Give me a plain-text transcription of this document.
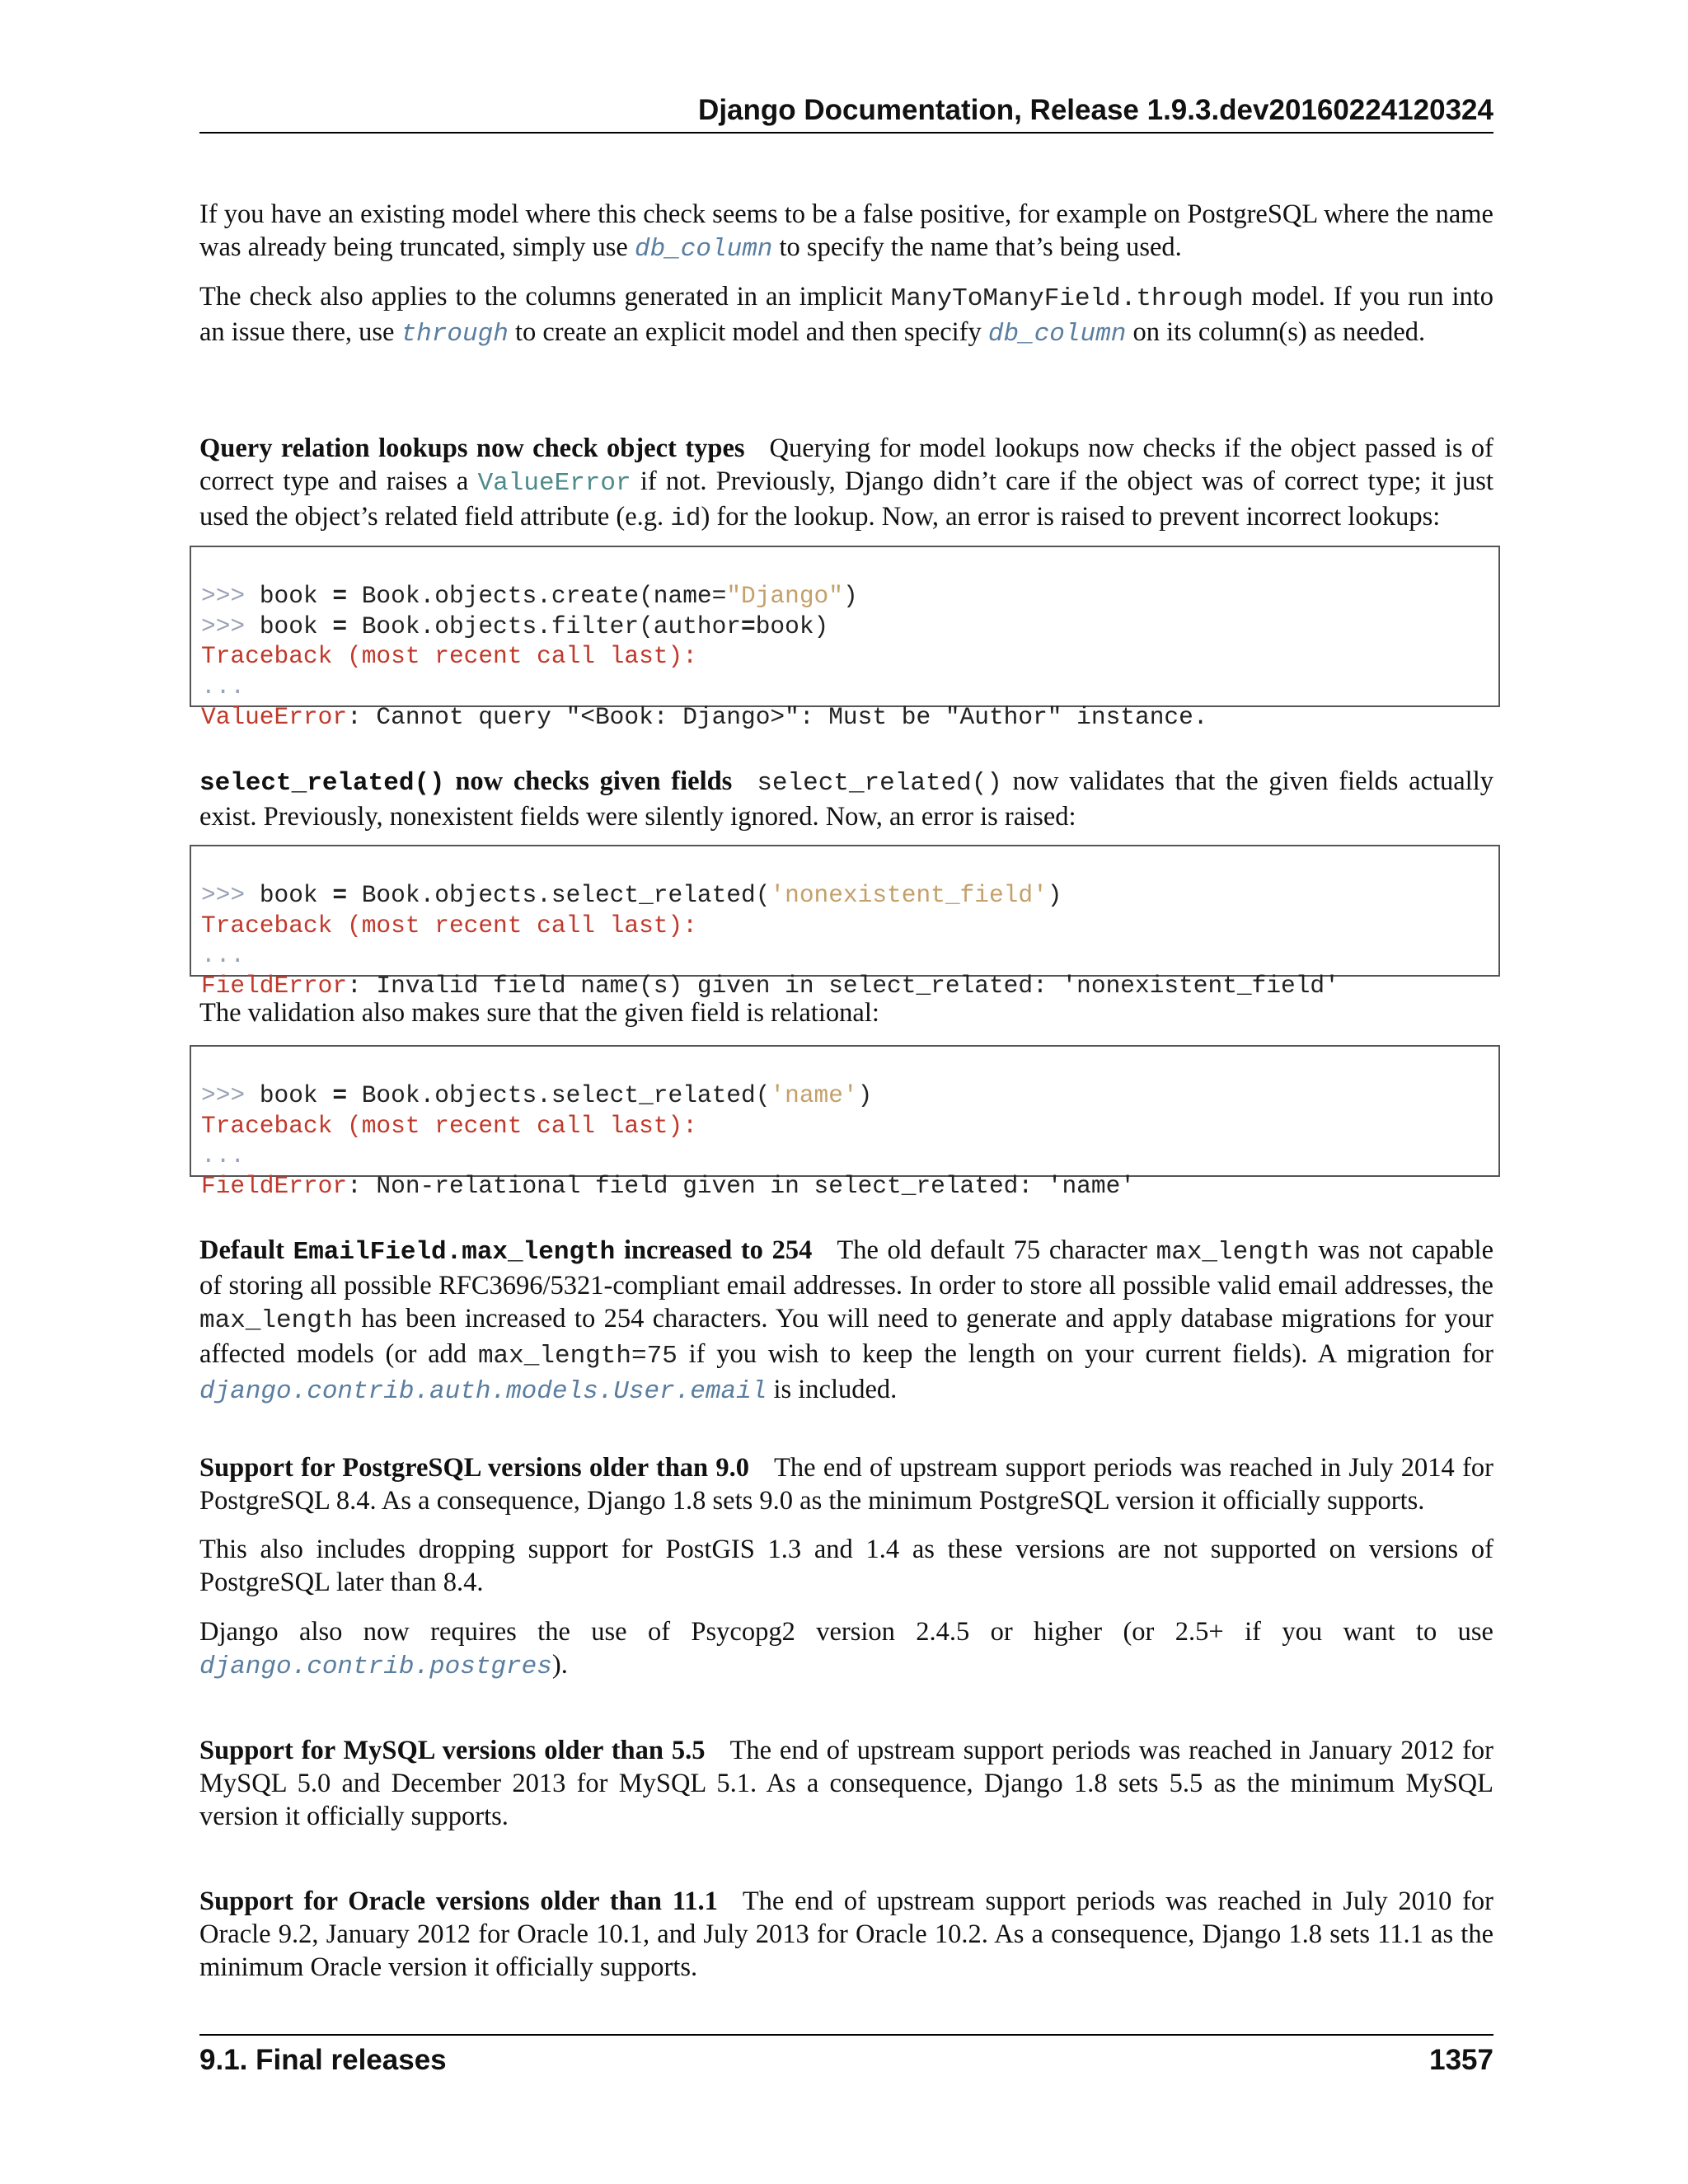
Django Documentation, Release 1.9.3.dev20160224120324

If you have an existing model where this check seems to be a false positive, for example on PostgreSQL where the name was already being truncated, simply use db_column to specify the name that’s being used.

The check also applies to the columns generated in an implicit ManyToManyField.through model. If you run into an issue there, use through to create an explicit model and then specify db_column on its column(s) as needed.

Query relation lookups now check object types Querying for model lookups now checks if the object passed is of correct type and raises a ValueError if not. Previously, Django didn’t care if the object was of correct type; it just used the object’s related field attribute (e.g. id) for the lookup. Now, an error is raised to prevent incorrect lookups:

>>> book = Book.objects.create(name="Django")
>>> book = Book.objects.filter(author=book)
Traceback (most recent call last):
...
ValueError: Cannot query "<Book: Django>": Must be "Author" instance.

select_related() now checks given fields select_related() now validates that the given fields actually exist. Previously, nonexistent fields were silently ignored. Now, an error is raised:

>>> book = Book.objects.select_related('nonexistent_field')
Traceback (most recent call last):
...
FieldError: Invalid field name(s) given in select_related: 'nonexistent_field'

The validation also makes sure that the given field is relational:

>>> book = Book.objects.select_related('name')
Traceback (most recent call last):
...
FieldError: Non-relational field given in select_related: 'name'

Default EmailField.max_length increased to 254 The old default 75 character max_length was not capable of storing all possible RFC3696/5321-compliant email addresses. In order to store all possible valid email addresses, the max_length has been increased to 254 characters. You will need to generate and apply database migrations for your affected models (or add max_length=75 if you wish to keep the length on your current fields). A migration for django.contrib.auth.models.User.email is included.

Support for PostgreSQL versions older than 9.0 The end of upstream support periods was reached in July 2014 for PostgreSQL 8.4. As a consequence, Django 1.8 sets 9.0 as the minimum PostgreSQL version it officially supports.

This also includes dropping support for PostGIS 1.3 and 1.4 as these versions are not supported on versions of PostgreSQL later than 8.4.

Django also now requires the use of Psycopg2 version 2.4.5 or higher (or 2.5+ if you want to use django.contrib.postgres).

Support for MySQL versions older than 5.5 The end of upstream support periods was reached in January 2012 for MySQL 5.0 and December 2013 for MySQL 5.1. As a consequence, Django 1.8 sets 5.5 as the minimum MySQL version it officially supports.

Support for Oracle versions older than 11.1 The end of upstream support periods was reached in July 2010 for Oracle 9.2, January 2012 for Oracle 10.1, and July 2013 for Oracle 10.2. As a consequence, Django 1.8 sets 11.1 as the minimum Oracle version it officially supports.

9.1. Final releases	1357
